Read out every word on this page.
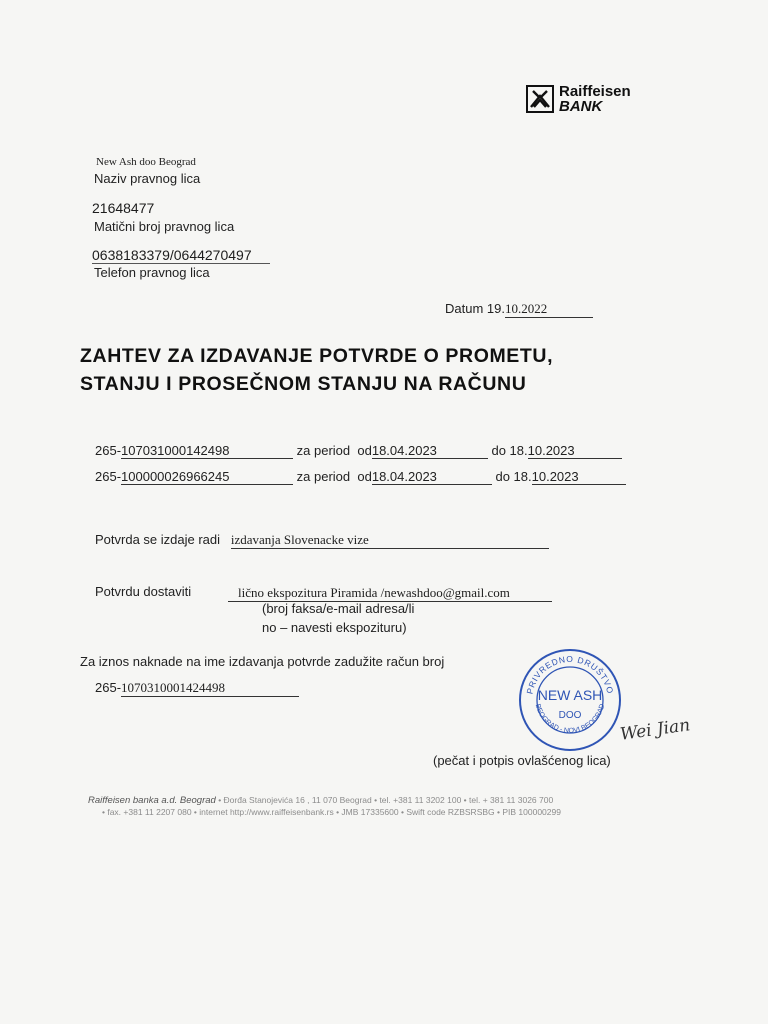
Raiffeisen
BANK
New Ash doo Beograd
Naziv pravnog lica
21648477
Matični broj pravnog lica
0638183379/0644270497
Telefon pravnog lica
Datum 19.10.2022
ZAHTEV ZA IZDAVANJE POTVRDE O PROMETU,
STANJU I PROSEČNOM STANJU NA RAČUNU
265-107031000142498	za period od18.04.2023	do 18.10.2023
265-100000026966245	za period od18.04.2023	do 18.10.2023
Potvrda se izdaje radi izdavanja Slovenacke vize
Potvrdu dostaviti	lično ekspozitura Piramida /newashdoo@gmail.com
(broj faksa/e-mail adresa/li
no – navesti ekspozituru)
Za iznos naknade na ime izdavanja potvrde zadužite račun broj
265-1070310001424498	PRIVREDNO DRUŠTVO
BEOGRAD - NOVI BEOGRAD
NEW ASH
DOO Wei Jian
(pečat i potpis ovlašćenog lica)
Raiffeisen banka a.d. Beograd • Đorđa Stanojevića 16 , 11 070 Beograd • tel. +381 11 3202 100 • tel. + 381 11 3026 700
• fax. +381 11 2207 080 • internet http://www.raiffeisenbank.rs • JMB 17335600 • Swift code RZBSRSBG • PIB 100000299
